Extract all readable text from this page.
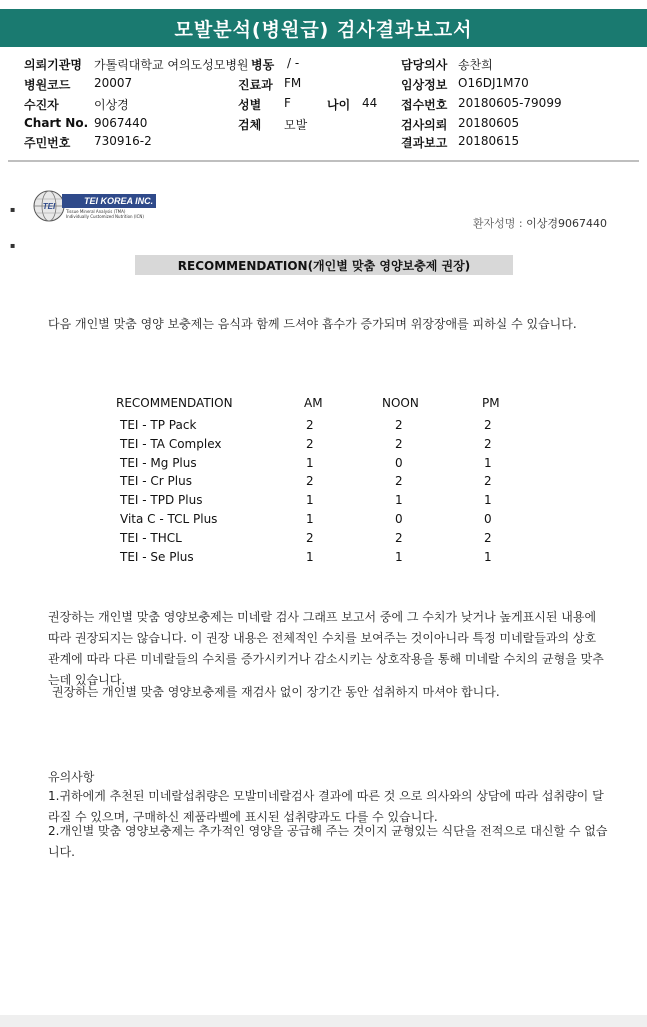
모발분석(병원급) 검사결과보고서
의뢰기관명 가톨릭대학교 여의도성모병원 병동 / -	담당의사 송찬희
병원코드 20007	진료과 FM	임상정보 O16DJ1M70
수진자	이상경	성별 F	나이 44 접수번호 20180605-79099
Chart No. 9067440	검체 모발	검사의뢰 20180605
주민번호 730916-2	결과보고 20180615
▪
▪
TEI
TEI KOREA INC.
Tissue Mineral Analysis (TMA)
Individually Customized Nutrition (ICN)
환자성명 : 이상경9067440
RECOMMENDATION(개인별 맞춤 영양보충제 권장)
다음 개인별 맞춤 영양 보충제는 음식과 함께 드셔야 흡수가 증가되며 위장장애를 피하실 수 있습니다.
RECOMMENDATION	AM	NOON	PM
TEI - TP Pack	2	2	2
TEI - TA Complex	2	2	2
TEI - Mg Plus	1	0	1
TEI - Cr Plus	2	2	2
TEI - TPD Plus	1	1	1
Vita C - TCL Plus	1	0	0
TEI - THCL	2	2	2
TEI - Se Plus	1	1	1
권장하는 개인별 맞춤 영양보충제는 미네랄 검사 그래프 보고서 중에 그 수치가 낮거나 높게표시된 내용에 따라 권장되지는 않습니다. 이 권장 내용은 전체적인 수치를 보여주는 것이아니라 특정 미네랄들과의 상호관계에 따라 다른 미네랄들의 수치를 증가시키거나 감소시키는 상호작용을 통해 미네랄 수치의 균형을 맞추는데 있습니다.
권장하는 개인별 맞춤 영양보충제를 재검사 없이 장기간 동안 섭취하지 마셔야 합니다.
유의사항
1.귀하에게 추천된 미네랄섭취량은 모발미네랄검사 결과에 따른 것 으로 의사와의 상담에 따라 섭취량이 달라질 수 있으며, 구매하신 제품라벨에 표시된 섭취량과도 다를 수 있습니다.
2.개인별 맞춤 영양보충제는 추가적인 영양을 공급해 주는 것이지 균형있는 식단을 전적으로 대신할 수 없습니다.
